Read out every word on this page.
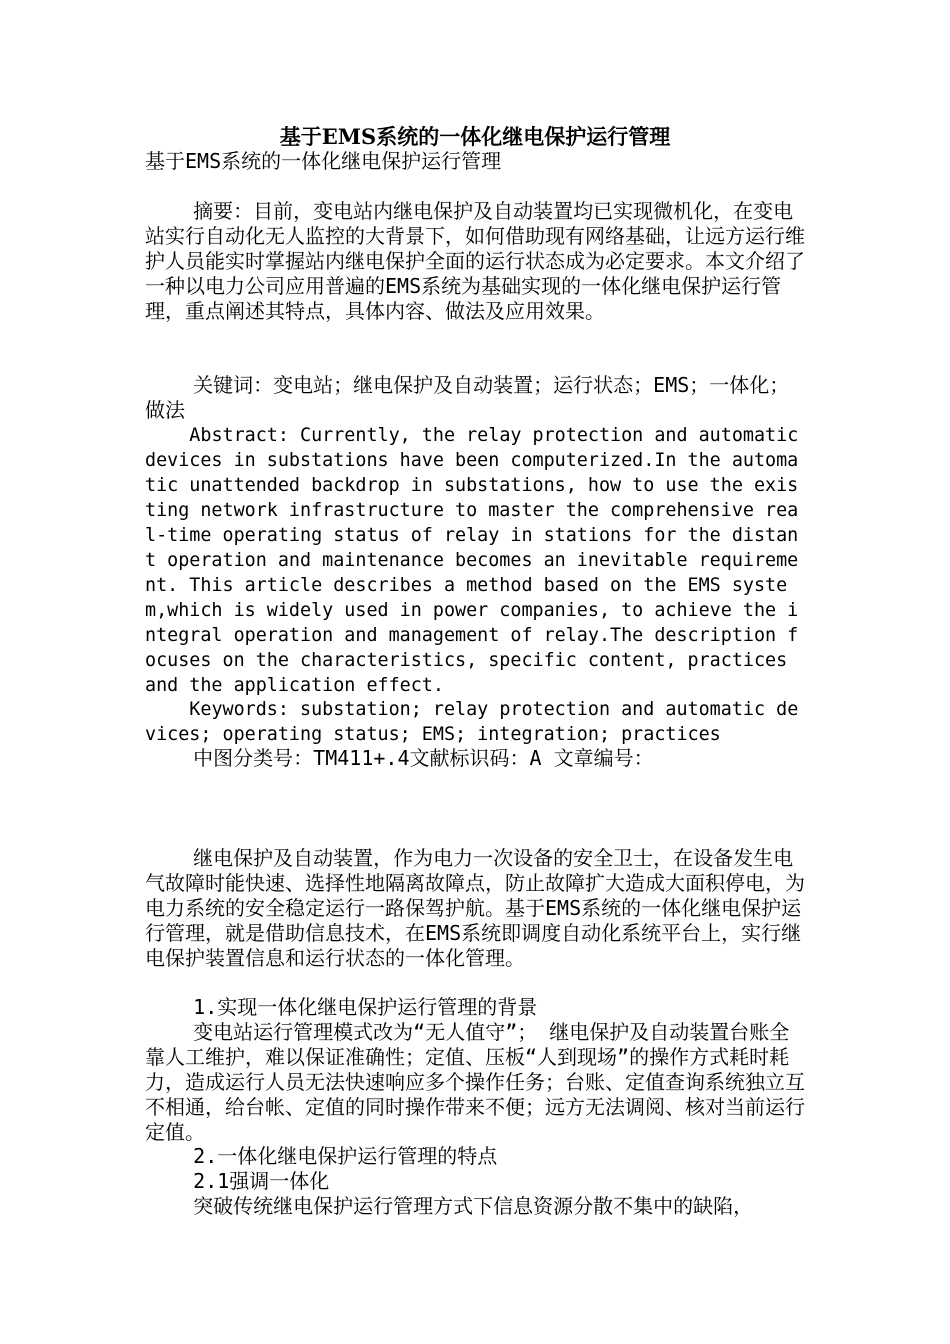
基于EMS系统的一体化继电保护运行管理

基于EMS系统的一体化继电保护运行管理

摘要：目前，变电站内继电保护及自动装置均已实现微机化，在变电站实行自动化无人监控的大背景下，如何借助现有网络基础，让远方运行维护人员能实时掌握站内继电保护全面的运行状态成为必定要求。本文介绍了一种以电力公司应用普遍的EMS系统为基础实现的一体化继电保护运行管理，重点阐述其特点，具体内容、做法及应用效果。

关键词：变电站；继电保护及自动装置；运行状态；EMS；一体化；做法

Abstract: Currently, the relay protection and automatic devices in substations have been computerized.In the automatic unattended backdrop in substations, how to use the existing network infrastructure to master the comprehensive real-time operating status of relay in stations for the distant operation and maintenance becomes an inevitable requirement. This article describes a method based on the EMS system,which is widely used in power companies, to achieve the integral operation and management of relay.The description focuses on the characteristics, specific content, practices and the application effect.

Keywords: substation; relay protection and automatic devices; operating status; EMS; integration; practices

中图分类号：TM411+.4文献标识码：A 文章编号：

继电保护及自动装置，作为电力一次设备的安全卫士，在设备发生电气故障时能快速、选择性地隔离故障点，防止故障扩大造成大面积停电，为电力系统的安全稳定运行一路保驾护航。基于EMS系统的一体化继电保护运行管理，就是借助信息技术，在EMS系统即调度自动化系统平台上，实行继电保护装置信息和运行状态的一体化管理。

1.实现一体化继电保护运行管理的背景

变电站运行管理模式改为“无人值守”； 继电保护及自动装置台账全靠人工维护，难以保证准确性；定值、压板“人到现场”的操作方式耗时耗力，造成运行人员无法快速响应多个操作任务；台账、定值查询系统独立互不相通，给台帐、定值的同时操作带来不便；远方无法调阅、核对当前运行定值。

2.一体化继电保护运行管理的特点

2.1强调一体化

突破传统继电保护运行管理方式下信息资源分散不集中的缺陷，
